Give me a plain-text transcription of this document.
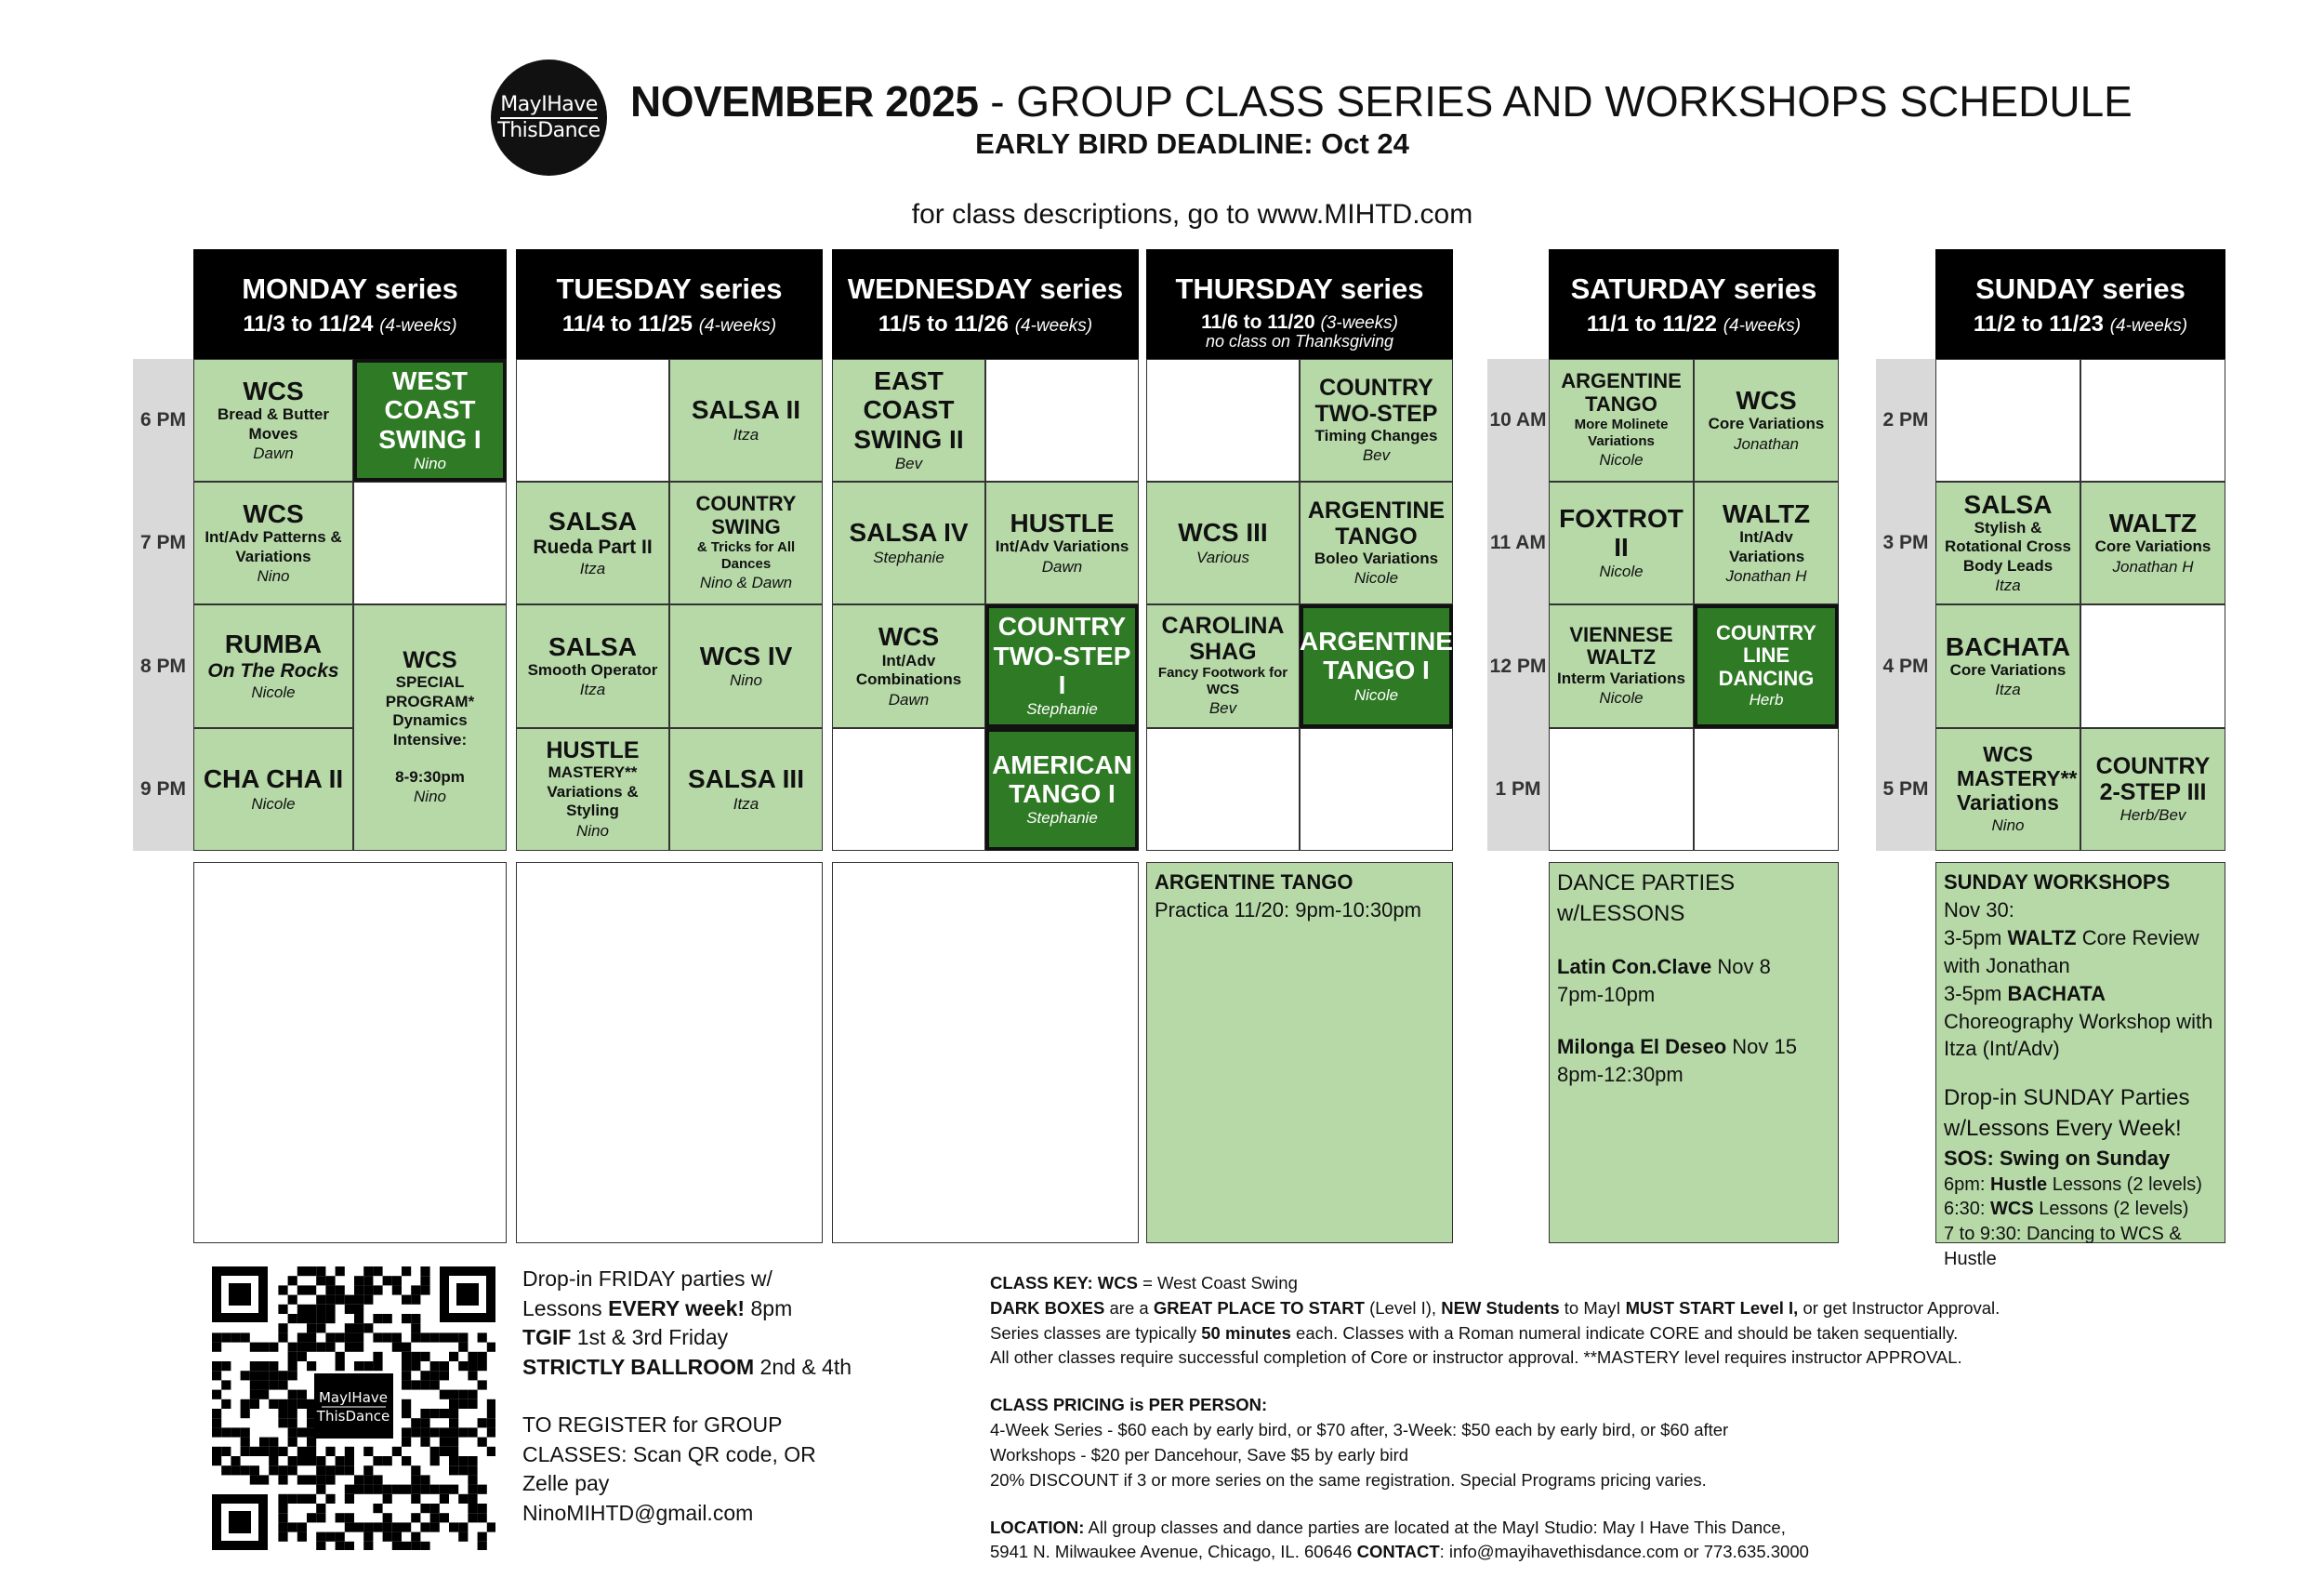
MayIHave
ThisDance
NOVEMBER 2025 - GROUP CLASS SERIES AND WORKSHOPS SCHEDULE
EARLY BIRD DEADLINE: Oct 24
for class descriptions, go to www.MIHTD.com
MONDAY series
11/3 to 11/24 (4-weeks)
TUESDAY series
11/4 to 11/25 (4-weeks)
WEDNESDAY series
11/5 to 11/26 (4-weeks)
THURSDAY series
11/6 to 11/20 (3-weeks)
no class on Thanksgiving
SATURDAY series
11/1 to 11/22 (4-weeks)
SUNDAY series
11/2 to 11/23 (4-weeks)
6 PM
7 PM
8 PM
9 PM
10 AM
11 AM
12 PM
1 PM
2 PM
3 PM
4 PM
5 PM
WCS
Bread & Butter Moves
Dawn
WEST COAST SWING I
Nino
WCS
Int/Adv Patterns & Variations
Nino
RUMBA
On The Rocks
Nicole
WCS
SPECIAL PROGRAM* Dynamics Intensive:
8-9:30pm
Nino
CHA CHA II
Nicole
SALSA II
Itza
SALSA
Rueda Part II
Itza
COUNTRY SWING
& Tricks for All Dances
Nino & Dawn
SALSA
Smooth Operator
Itza
WCS IV
Nino
HUSTLE
MASTERY** Variations & Styling
Nino
SALSA III
Itza
EAST COAST SWING II
Bev
SALSA IV
Stephanie
HUSTLE
Int/Adv Variations
Dawn
WCS
Int/Adv Combinations
Dawn
COUNTRY TWO-STEP I
Stephanie
AMERICAN TANGO I
Stephanie
COUNTRY TWO-STEP
Timing Changes
Bev
WCS III
Various
ARGENTINE TANGO
Boleo Variations
Nicole
CAROLINA SHAG
Fancy Footwork for WCS
Bev
ARGENTINE TANGO I
Nicole
ARGENTINE TANGO
More Molinete Variations
Nicole
WCS
Core Variations
Jonathan
FOXTROT II
Nicole
WALTZ
Int/Adv Variations
Jonathan H
VIENNESE WALTZ
Interm Variations
Nicole
COUNTRY LINE DANCING
Herb
SALSA
Stylish & Rotational Cross Body Leads
Itza
WALTZ
Core Variations
Jonathan H
BACHATA
Core Variations
Itza
WCS MASTERY** Variations
Nino
COUNTRY 2-STEP III
Herb/Bev
ARGENTINE TANGO
Practica 11/20: 9pm-10:30pm
DANCE PARTIES w/LESSONS
Latin Con.Clave Nov 8
7pm-10pm
Milonga El Deseo Nov 15
8pm-12:30pm
SUNDAY WORKSHOPS
Nov 30:
3-5pm WALTZ Core Review with Jonathan
3-5pm BACHATA Choreography Workshop with Itza (Int/Adv)
Drop-in SUNDAY Parties w/Lessons Every Week!
SOS: Swing on Sunday
6pm: Hustle Lessons (2 levels)
6:30: WCS Lessons (2 levels)
7 to 9:30: Dancing to WCS & Hustle
MayIHave
ThisDance
Drop-in FRIDAY parties w/
Lessons EVERY week! 8pm
TGIF 1st & 3rd Friday
STRICTLY BALLROOM 2nd & 4th
TO REGISTER for GROUP
CLASSES: Scan QR code, OR
Zelle pay
NinoMIHTD@gmail.com
CLASS KEY: WCS = West Coast Swing
DARK BOXES are a GREAT PLACE TO START (Level I), NEW Students to MayI MUST START Level I, or get Instructor Approval.
Series classes are typically 50 minutes each. Classes with a Roman numeral indicate CORE and should be taken sequentially.
All other classes require successful completion of Core or instructor approval. **MASTERY level requires instructor APPROVAL.
CLASS PRICING is PER PERSON:
4-Week Series - $60 each by early bird, or $70 after, 3-Week: $50 each by early bird, or $60 after
Workshops - $20 per Dancehour, Save $5 by early bird
20% DISCOUNT if 3 or more series on the same registration. Special Programs pricing varies.
LOCATION: All group classes and dance parties are located at the MayI Studio: May I Have This Dance,
5941 N. Milwaukee Avenue, Chicago, IL. 60646 CONTACT: info@mayihavethisdance.com or 773.635.3000
